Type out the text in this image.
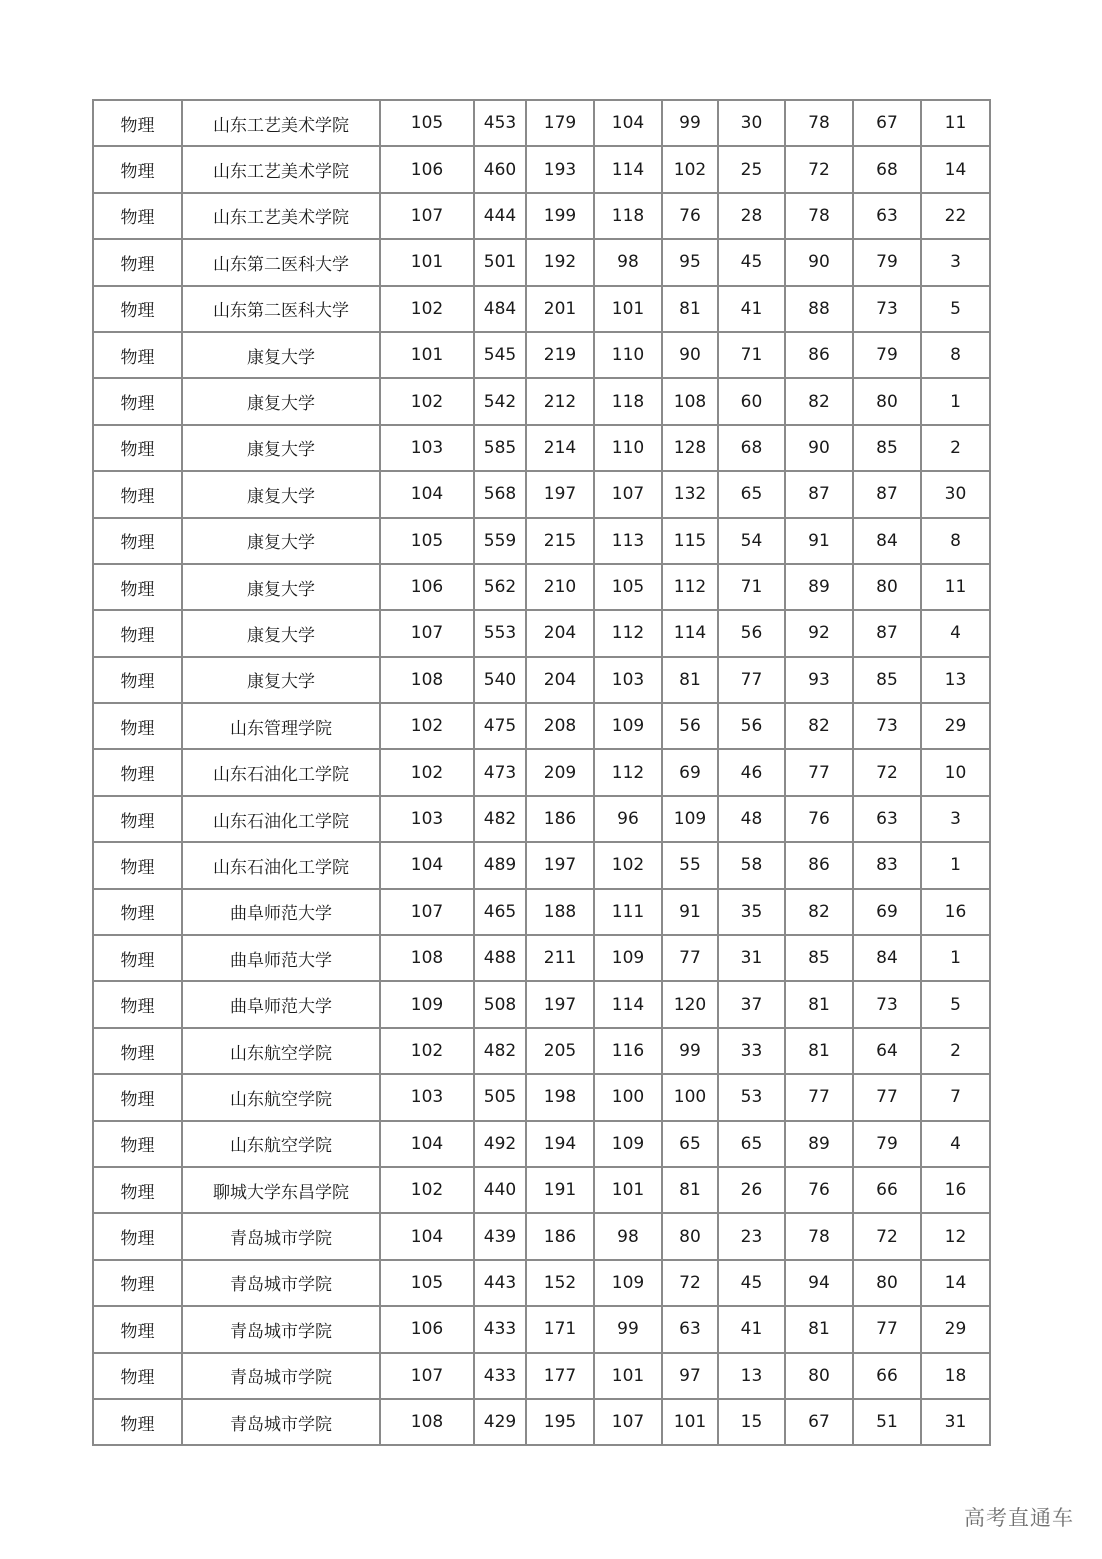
物理	山东工艺美术学院	105	453	179	104	99	30	78	67	11
物理	山东工艺美术学院	106	460	193	114	102	25	72	68	14
物理	山东工艺美术学院	107	444	199	118	76	28	78	63	22
物理	山东第二医科大学	101	501	192	98	95	45	90	79	3
物理	山东第二医科大学	102	484	201	101	81	41	88	73	5
物理	康复大学	101	545	219	110	90	71	86	79	8
物理	康复大学	102	542	212	118	108	60	82	80	1
物理	康复大学	103	585	214	110	128	68	90	85	2
物理	康复大学	104	568	197	107	132	65	87	87	30
物理	康复大学	105	559	215	113	115	54	91	84	8
物理	康复大学	106	562	210	105	112	71	89	80	11
物理	康复大学	107	553	204	112	114	56	92	87	4
物理	康复大学	108	540	204	103	81	77	93	85	13
物理	山东管理学院	102	475	208	109	56	56	82	73	29
物理	山东石油化工学院	102	473	209	112	69	46	77	72	10
物理	山东石油化工学院	103	482	186	96	109	48	76	63	3
物理	山东石油化工学院	104	489	197	102	55	58	86	83	1
物理	曲阜师范大学	107	465	188	111	91	35	82	69	16
物理	曲阜师范大学	108	488	211	109	77	31	85	84	1
物理	曲阜师范大学	109	508	197	114	120	37	81	73	5
物理	山东航空学院	102	482	205	116	99	33	81	64	2
物理	山东航空学院	103	505	198	100	100	53	77	77	7
物理	山东航空学院	104	492	194	109	65	65	89	79	4
物理	聊城大学东昌学院	102	440	191	101	81	26	76	66	16
物理	青岛城市学院	104	439	186	98	80	23	78	72	12
物理	青岛城市学院	105	443	152	109	72	45	94	80	14
物理	青岛城市学院	106	433	171	99	63	41	81	77	29
物理	青岛城市学院	107	433	177	101	97	13	80	66	18
物理	青岛城市学院	108	429	195	107	101	15	67	51	31
高考直通车
